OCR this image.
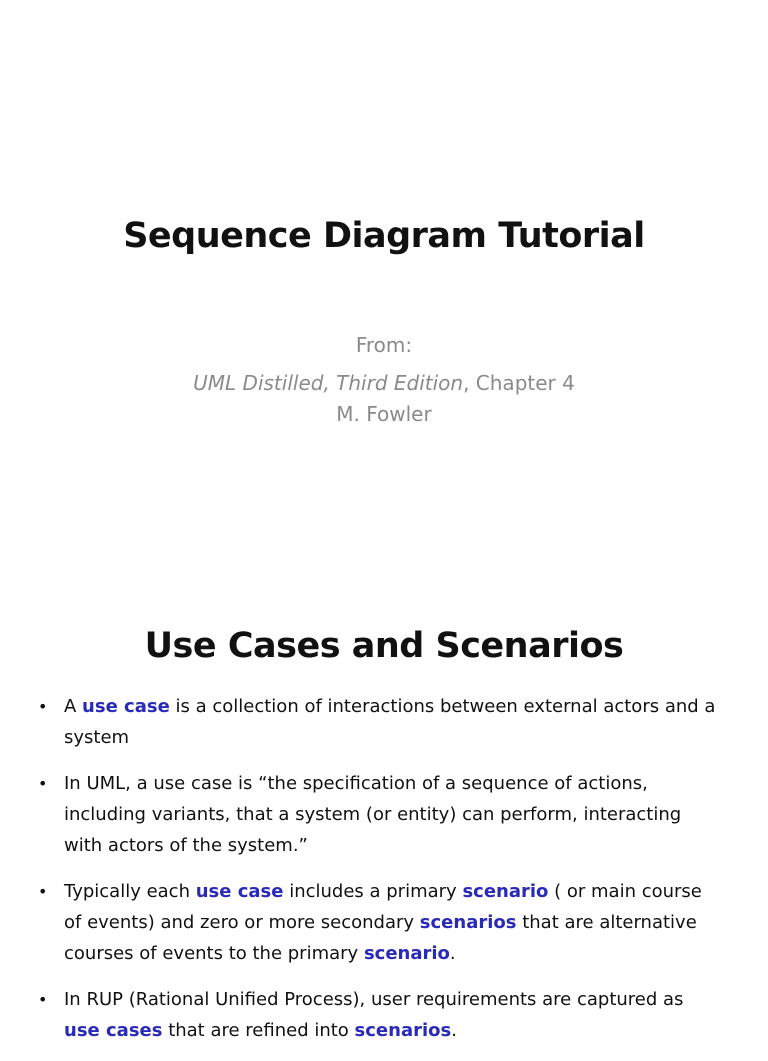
Sequence Diagram Tutorial
From:
UML Distilled, Third Edition, Chapter 4
M. Fowler
Use Cases and Scenarios
• A use case is a collection of interactions between external actors and a system
• In UML, a use case is “the specification of a sequence of actions, including variants, that a system (or entity) can perform, interacting with actors of the system.”
• Typically each use case includes a primary scenario ( or main course of events) and zero or more secondary scenarios that are alternative courses of events to the primary scenario.
• In RUP (Rational Unified Process), user requirements are captured as use cases that are refined into scenarios.
